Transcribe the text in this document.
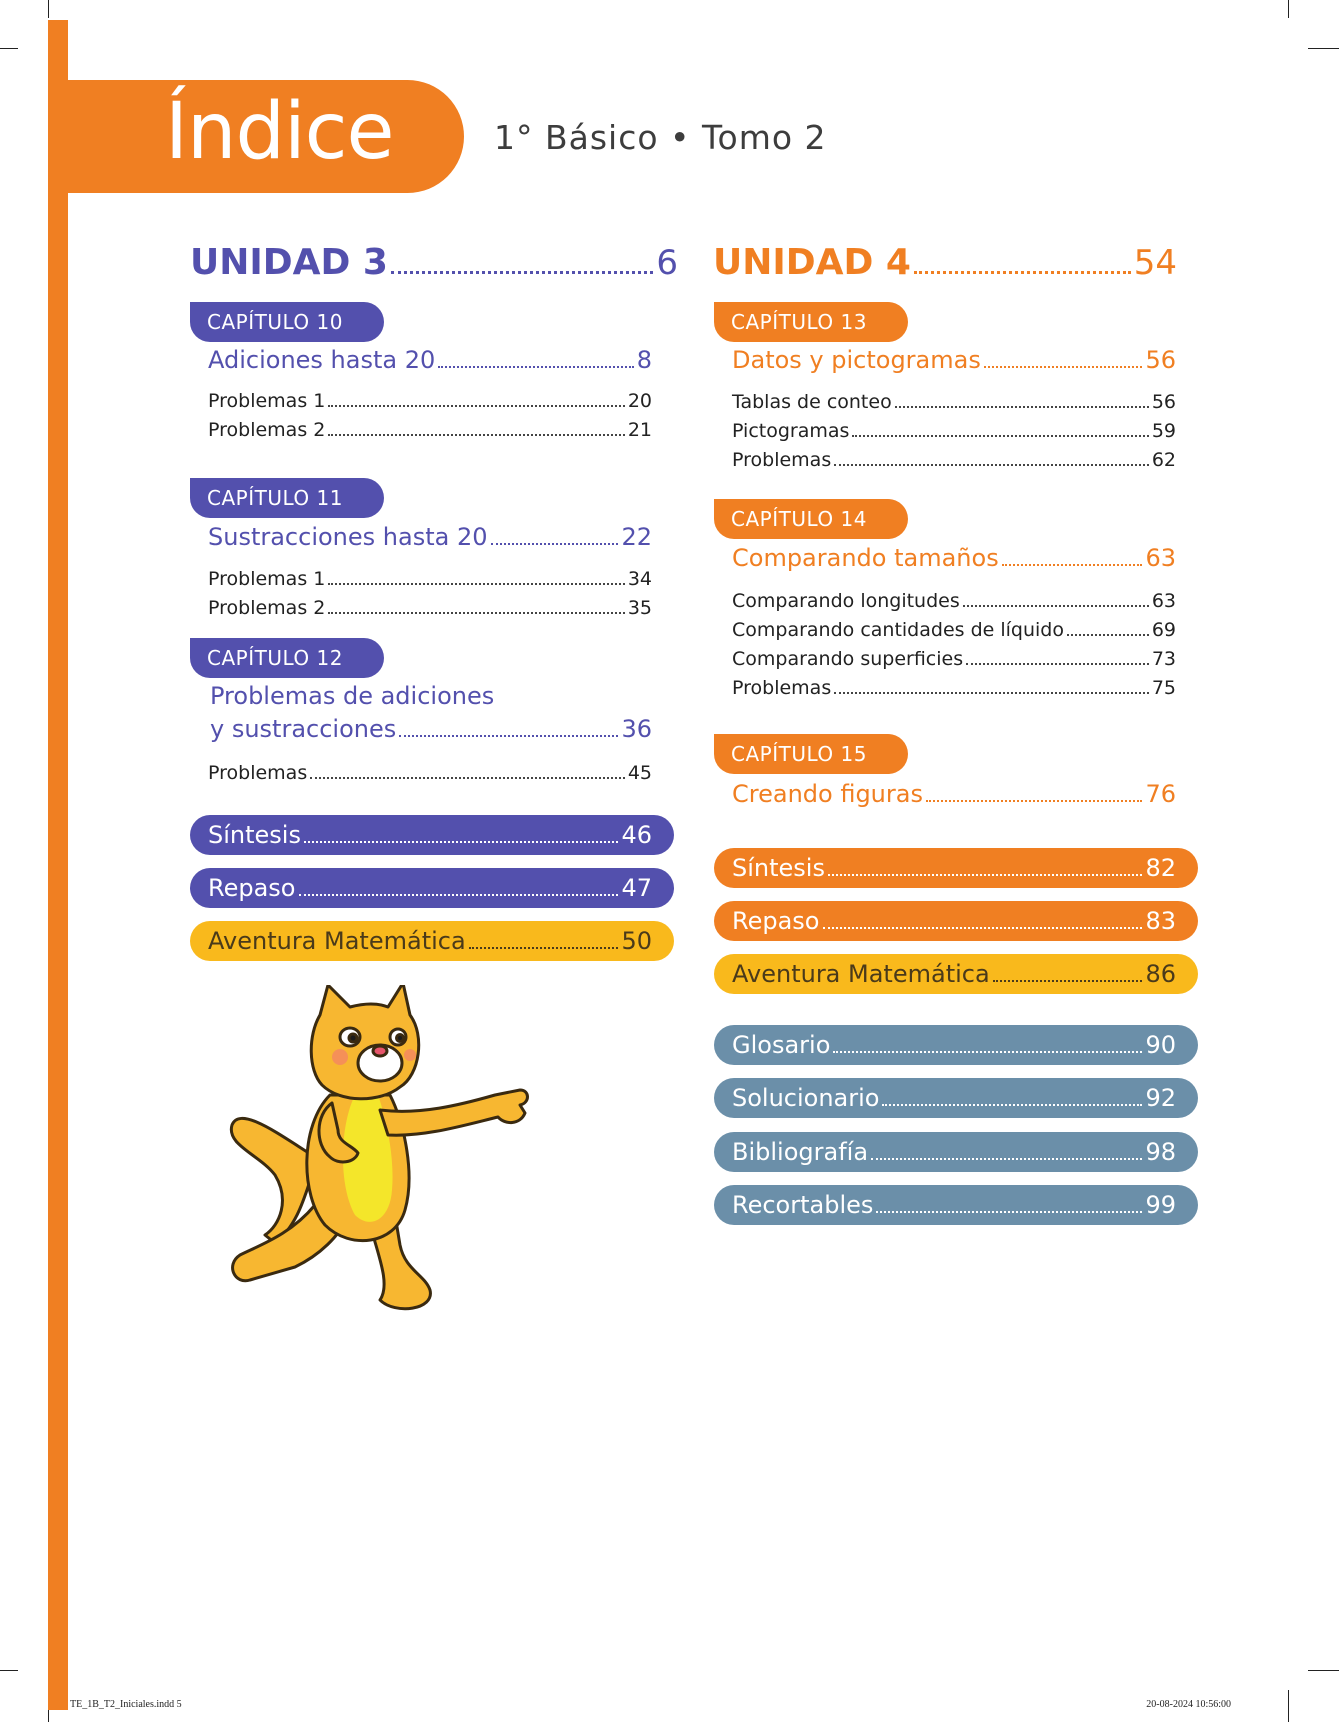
Índice	1° Básico • Tomo 2
UNIDAD 3	6
CAPÍTULO 10
Adiciones hasta 20	8
Problemas 1	20
Problemas 2	21
CAPÍTULO 11
Sustracciones hasta 20	22
Problemas 1	34
Problemas 2	35
CAPÍTULO 12
Problemas de adiciones
y sustracciones	36
Problemas	45
Síntesis	46
Repaso	47
Aventura Matemática	50
UNIDAD 4	54
CAPÍTULO 13
Datos y pictogramas	56
Tablas de conteo	56
Pictogramas	59
Problemas	62
CAPÍTULO 14
Comparando tamaños	63
Comparando longitudes	63
Comparando cantidades de líquido	69
Comparando superficies	73
Problemas	75
CAPÍTULO 15
Creando figuras	76
Síntesis	82
Repaso	83
Aventura Matemática	86
Glosario	90
Solucionario	92
Bibliografía	98
Recortables	99
TE_1B_T2_Iniciales.indd 5	20-08-2024 10:56:00
